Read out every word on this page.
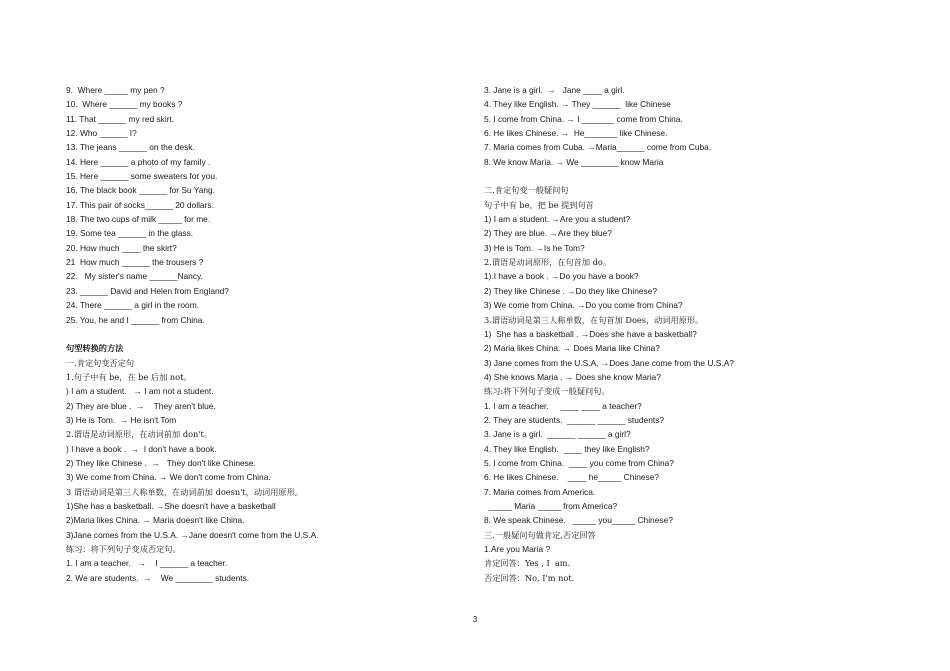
9.  Where _____ my pen ?
10.  Where ______ my books ?
11. That ______ my red skirt.
12. Who ______ I?
13. The jeans ______ on the desk.
14. Here ______ a photo of my family .
15. Here ______ some sweaters for you.
16. The black book ______ for Su Yang.
17. This pair of socks______ 20 dollars.
18. The two cups of milk _____ for me.
19. Some tea ______ in the glass.
20. How much ____ the skirt?
21  How much ______ the trousers ?
22.   My sister's name ______Nancy.
23. ______ David and Helen from England?
24. There ______ a girl in the room.
25. You, he and I ______ from China.
句型转换的方法
一.肯定句变否定句
1.句子中有 be，在 be 后加 not。
) I am a student.   → I am not a student.
2) They are blue .  →    They aren't blue.
3) He is Tom.  → He isn't Tom
2.谓语是动词原形，在动词前加 don't。
) I have a book .  →  I don't have a book.
2) They like Chinese .  →   They don't like Chinese.
3) We come from China. → We don't come from China.
3 谓语动词是第三人称单数，在动词前加 doesn't，动词用原形。
1)She has a basketball. →She doesn't have a basketball
2)Maria likes China. → Maria doesn't like China.
3)Jane comes from the U.S.A. →Jane doesn't come from the U.S.A.
练习：将下列句子变成否定句。
1. I am a teacher.   →    I ______ a teacher.
2. We are students.  →    We ________ students.
3. Jane is a girl.  →   Jane ____ a girl.
4. They like English. → They ______  like Chinese
5. I come from China. → I _______ come from China.
6. He likes Chinese. →  He_______ like Chinese.
7. Maria comes from Cuba. →Maria______ come from Cuba.
8. We know Maria. → We ________ know Maria
二.肯定句变一般疑问句
句子中有 be，把 be 提到句首
1) I am a student. →Are you a student?
2) They are blue. →Are they blue?
3) He is Tom. →Is he Tom?
2.谓语是动词原形，在句首加 do。
1).I have a book . →Do you have a book?
2) They like Chinese . →Do they like Chinese?
3) We come from China. →Do you come from China?
3.谓语动词是第三人称单数，在句首加 Does，动词用原形。
1)  She has a basketball . →Does she have a basketball?
2) Maria likes China. → Does Maria like China?
3) Jane comes from the U.S.A. →Does Jane come from the U.S.A?
4) She knows Maria . → Does she know Maria?
练习:将下列句子变成一般疑问句。
1. I am a teacher.     ____ ____ a teacher?
2. They are students.  ______ ______ students?
3. Jane is a girl.  ______ ______ a girl?
4. They like English.  ____ they like English?
5. I come from China.  ____ you come from China?
6. He likes Chinese.    ____ he_____ Chinese?
7. Maria comes from America.
_____ Maria _____ from America?
8. We speak Chinese.   _____ you_____ Chinese?
三.一般疑问句做肯定,否定回答
1.Are you Maria ?
肯定回答：Yes , I  am.
否定回答：No, I'm not.
3
